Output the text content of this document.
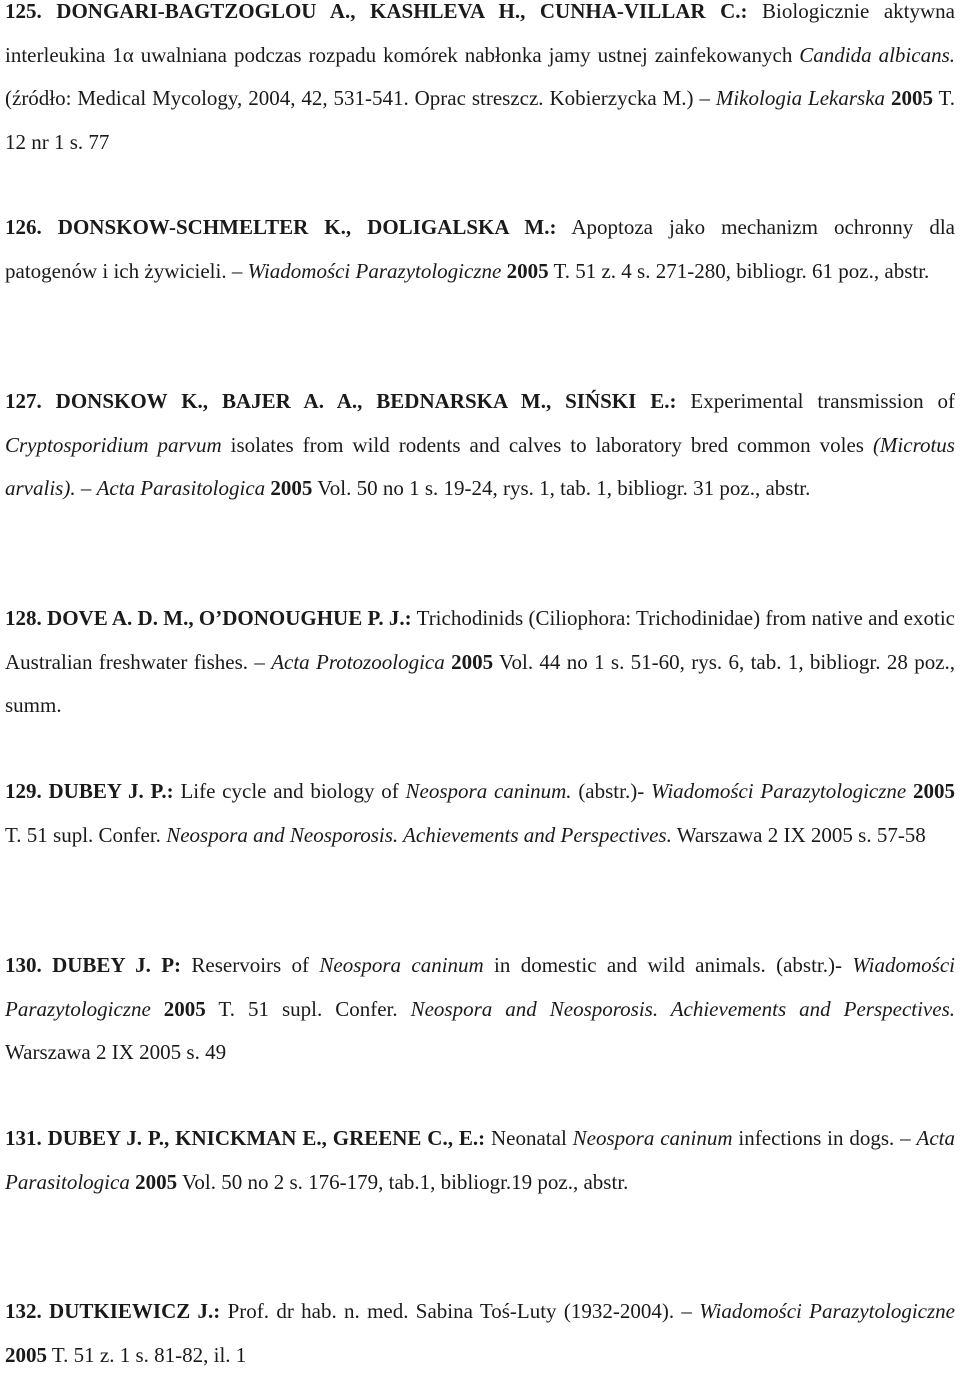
125. DONGARI-BAGTZOGLOU A., KASHLEVA H., CUNHA-VILLAR C.: Biologicznie aktywna interleukina 1α uwalniana podczas rozpadu komórek nabłonka jamy ustnej zainfekowanych Candida albicans. (źródło: Medical Mycology, 2004, 42, 531-541. Oprac streszcz. Kobierzycka M.) – Mikologia Lekarska 2005 T. 12 nr 1 s. 77
126. DONSKOW-SCHMELTER K., DOLIGALSKA M.: Apoptoza jako mechanizm ochronny dla patogenów i ich żywicieli. – Wiadomości Parazytologiczne 2005 T. 51 z. 4 s. 271-280, bibliogr. 61 poz., abstr.
127. DONSKOW K., BAJER A. A., BEDNARSKA M., SIŃSKI E.: Experimental transmission of Cryptosporidium parvum isolates from wild rodents and calves to laboratory bred common voles (Microtus arvalis). – Acta Parasitologica 2005 Vol. 50 no 1 s. 19-24, rys. 1, tab. 1, bibliogr. 31 poz., abstr.
128. DOVE A. D. M., O’DONOUGHUE P. J.: Trichodinids (Ciliophora: Trichodinidae) from native and exotic Australian freshwater fishes. – Acta Protozoologica 2005 Vol. 44 no 1 s. 51-60, rys. 6, tab. 1, bibliogr. 28 poz., summ.
129. DUBEY J. P.: Life cycle and biology of Neospora caninum. (abstr.)- Wiadomości Parazytologiczne 2005 T. 51 supl. Confer. Neospora and Neosporosis. Achievements and Perspectives. Warszawa 2 IX 2005 s. 57-58
130. DUBEY J. P: Reservoirs of Neospora caninum in domestic and wild animals. (abstr.)- Wiadomości Parazytologiczne 2005 T. 51 supl. Confer. Neospora and Neosporosis. Achievements and Perspectives. Warszawa 2 IX 2005 s. 49
131. DUBEY J. P., KNICKMAN E., GREENE C., E.: Neonatal Neospora caninum infections in dogs. – Acta Parasitologica 2005 Vol. 50 no 2 s. 176-179, tab.1, bibliogr.19 poz., abstr.
132. DUTKIEWICZ J.: Prof. dr hab. n. med. Sabina Toś-Luty (1932-2004). – Wiadomości Parazytologiczne 2005 T. 51 z. 1 s. 81-82, il. 1
